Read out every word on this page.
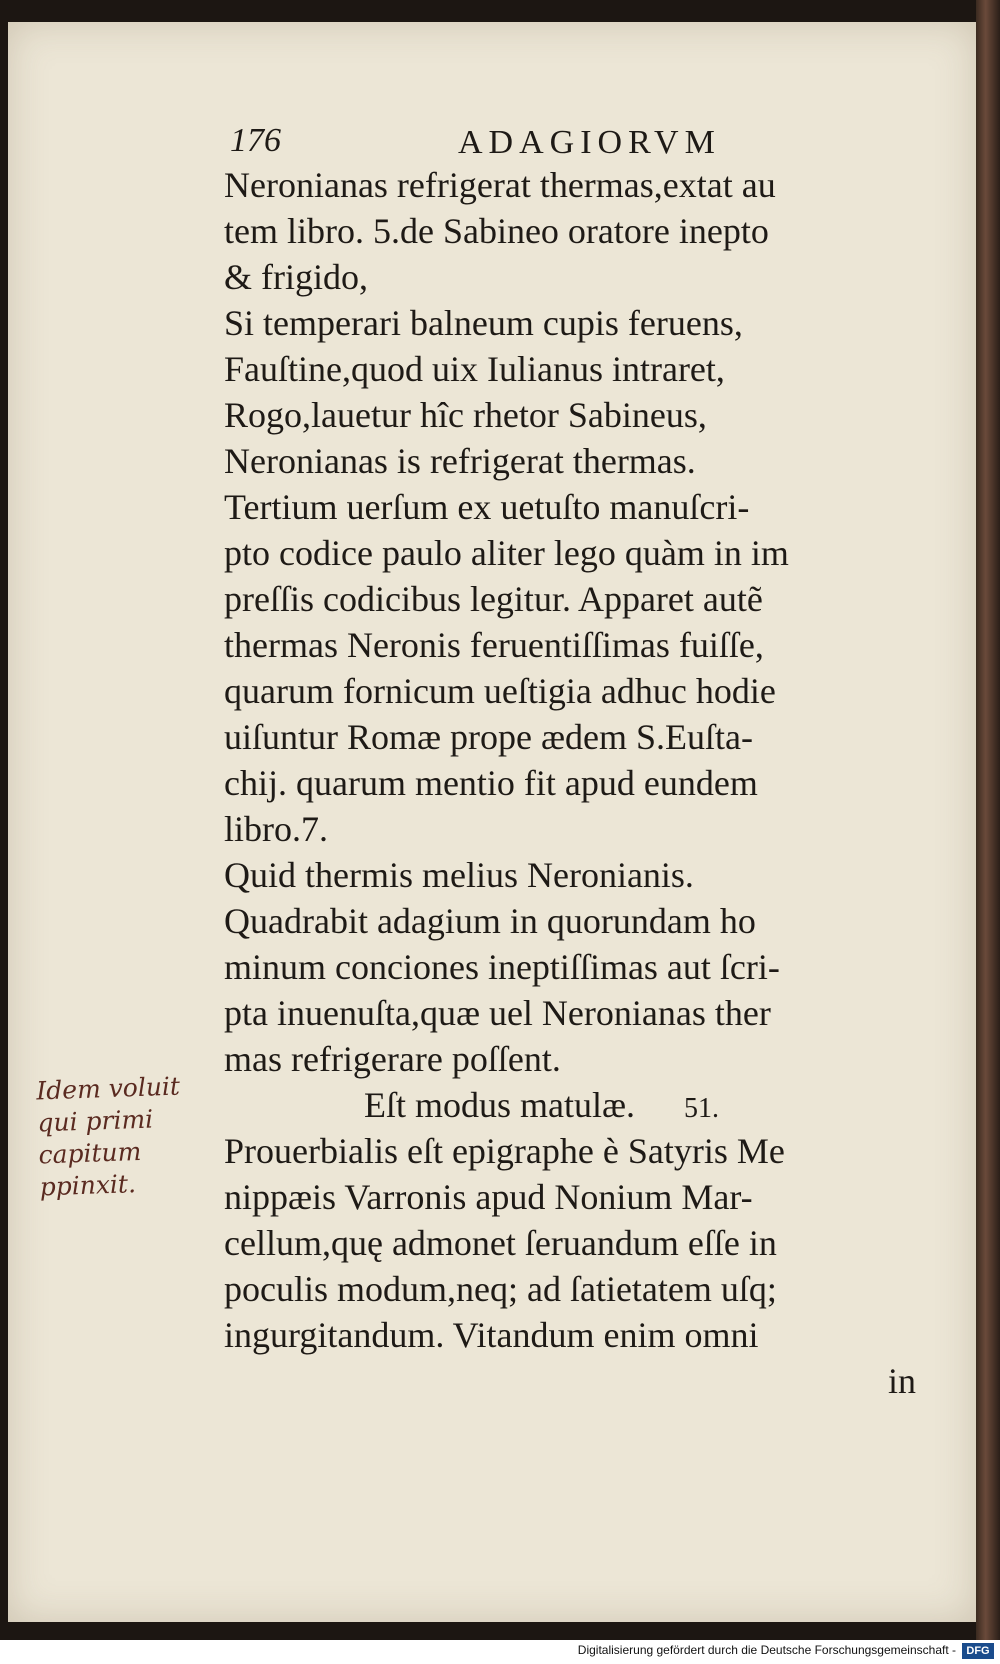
176	ADAGIORVM
Neronianas refrigerat thermas,extat au
tem libro. 5.de Sabineo oratore inepto
& frigido,
Si temperari balneum cupis feruens,
Fauſtine,quod uix Iulianus intraret,
Rogo,lauetur hîc rhetor Sabineus,
Neronianas is refrigerat thermas.
Tertium uerſum ex uetuſto manuſcri-
pto codice paulo aliter lego quàm in im
preſſis codicibus legitur. Apparet autẽ
thermas Neronis feruentiſſimas fuiſſe,
quarum fornicum ueſtigia adhuc hodie
uiſuntur Romæ prope ædem S.Euſta-
chij. quarum mentio fit apud eundem
libro.7.
Quid thermis melius Neronianis.
Quadrabit adagium in quorundam ho
minum conciones ineptiſſimas aut ſcri-
pta inuenuſta,quæ uel Neronianas ther
mas refrigerare poſſent.
Eſt modus matulæ. 51.
Prouerbialis eſt epigraphe è Satyris Me
nippæis Varronis apud Nonium Mar-
cellum,quę admonet ſeruandum eſſe in
poculis modum,neq; ad ſatietatem uſq;
ingurgitandum. Vitandum enim omni
in
Idem voluit
qui primi
capitum
ppinxit.
Digitalisierung gefördert durch die Deutsche Forschungsgemeinschaft - DFG
